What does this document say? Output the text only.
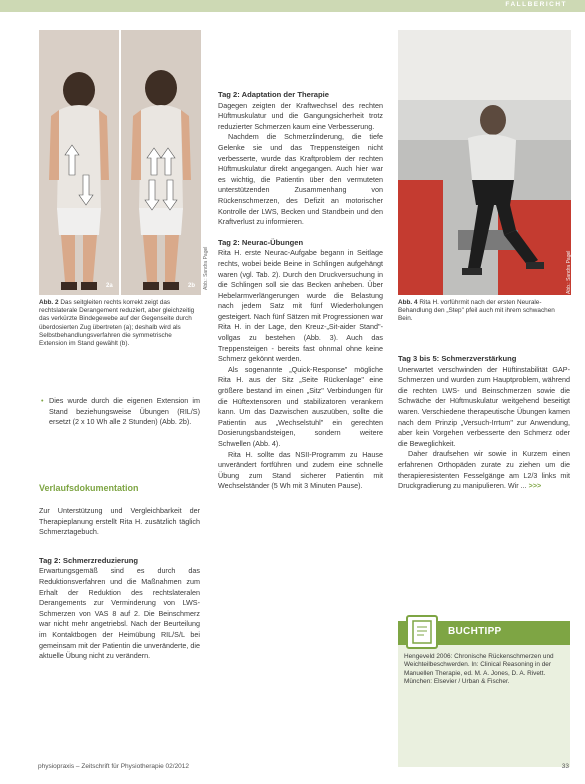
FALLBERICHT
2a	2b Abb.: Sandra Pagel	Abb.: Sandra Pagel
Abb. 2 Das seitgleiten rechts korrekt zeigt das rechtslaterale Derangement reduziert, aber gleichzeitig das verkürzte Bindegewebe auf der Gegenseite durch überdosierten Zug übertreten (a); deshalb wird als Selbstbehandlungsverfahren die symmetrische Extension im Stand gewählt (b).
Abb. 4 Rita H. vorführmit nach der ersten Neurale-Behandlung den „Step" pfeil auch mit ihrem schwachen Bein.

• Dies wurde durch die eigenen Extension im Stand beziehungsweise Übungen (RIL/S) ersetzt (2 x 10 Wh alle 2 Stunden) (Abb. 2b).

Verlaufsdokumentation

Zur Unterstützung und Vergleichbarkeit der Therapieplanung erstellt Rita H. zusätzlich täglich Schmerztagebuch.

Tag 2: Schmerzreduzierung

Erwartungsgemäß sind es durch das Reduktionsverfahren und die Maßnahmen zum Erhalt der Reduktion des rechtslateralen Derangements zur Verminderung von LWS-Schmerzen von VAS 8 auf 2. Die Beinschmerz war nicht mehr angetriebsl. Nach der Beurteilung im Kontaktbogen der Heimübung RIL/S/L bei gemeinsam mit der Patientin die unveränderte, die aktuelle Übung nicht zu verändern.

Tag 2: Adaptation der Therapie

Dagegen zeigten der Kraftwechsel des rechten Hüftmuskulatur und die Gangungsicherheit trotz reduzierter Schmerzen kaum eine Verbesserung.

Nachdem die Schmerzlinderung, die tiefe Gelenke sie und das Treppensteigen nicht verbesserte, wurde das Kraftproblem der rechten Hüftmuskulatur direkt angegangen. Auch hier war es wichtig, die Patientin über den vermuteten unterstützenden Zusammenhang von Rückenschmerzen, des Defizit an motorischer Kontrolle der LWS, Becken und Standbein und den Kraftverlust zu informieren.

Tag 2: Neurac-Übungen

Rita H. erste Neurac-Aufgabe begann in Seitlage rechts, wobei beide Beine in Schlingen aufgehängt waren (vgl. Tab. 2). Durch den Druckversuchung in die Schlingen soll sie das Becken anheben. Über Hebelarmverlängerungen wurde die Belastung nach jedem Satz mit fünf Wiederholungen gesteigert. Nach fünf Sätzen mit Progressionen war Rita H. in der Lage, den Kreuz-„Sit-aider Stand"-vollgas zu bestehen (Abb. 3). Auch das Treppensteigen - bereits fast ohnmal ohne keine Schmerz gekönnt werden.

Als sogenannte „Quick-Response" mögliche Rita H. aus der Sitz „Seite Rückenlage" eine größere bestand im einen „Sitz" Verbindungen für die Hüftextensoren und stabilizatoren verankern kann. Um das Dazwischen auszuüben, sollte die Patientin aus „Wechselstuhl" ein gerechten Dosierungsbandsteigen, sondern weitere Schwellen (Abb. 4).

Rita H. sollte das NSII-Programm zu Hause unverändert fortführen und zudem eine schnelle Übung zum Stand sicherer Patientin mit Wechselständer (5 Wh mit 3 Minuten Pause).

Tag 3 bis 5: Schmerzverstärkung

Unerwartet verschwinden der Hüftinstabilität GAP-Schmerzen und wurden zum Hauptproblem, während die rechten LWS- und Beinschmerzen sowie die Schwäche der Hüftmuskulatur weitgehend beseitigt waren. Verschiedene therapeutische Übungen kamen nach dem Prinzip „Versuch-Irrtum" zur Anwendung, aber kein Vorgehen verbesserte den Schmerz oder die Beweglichkeit.

Daher draufsehen wir sowie in Kurzem einen erfahrenen Orthopäden zurate zu ziehen um die therapieresistenten Fesselgänge am L2/3 links mit Druckgradierung zu manipulieren. Wir ... >>>

BUCHTIPP
Hengeveld 2006: Chronische Rückenschmerzen und Weichteilbeschwerden. In: Clinical Reasoning in der Manuellen Therapie, ed. M. A. Jones, D. A. Rivett. München: Elsevier / Urban & Fischer.
physiopraxis – Zeitschrift für Physiotherapie 02/2012	33
